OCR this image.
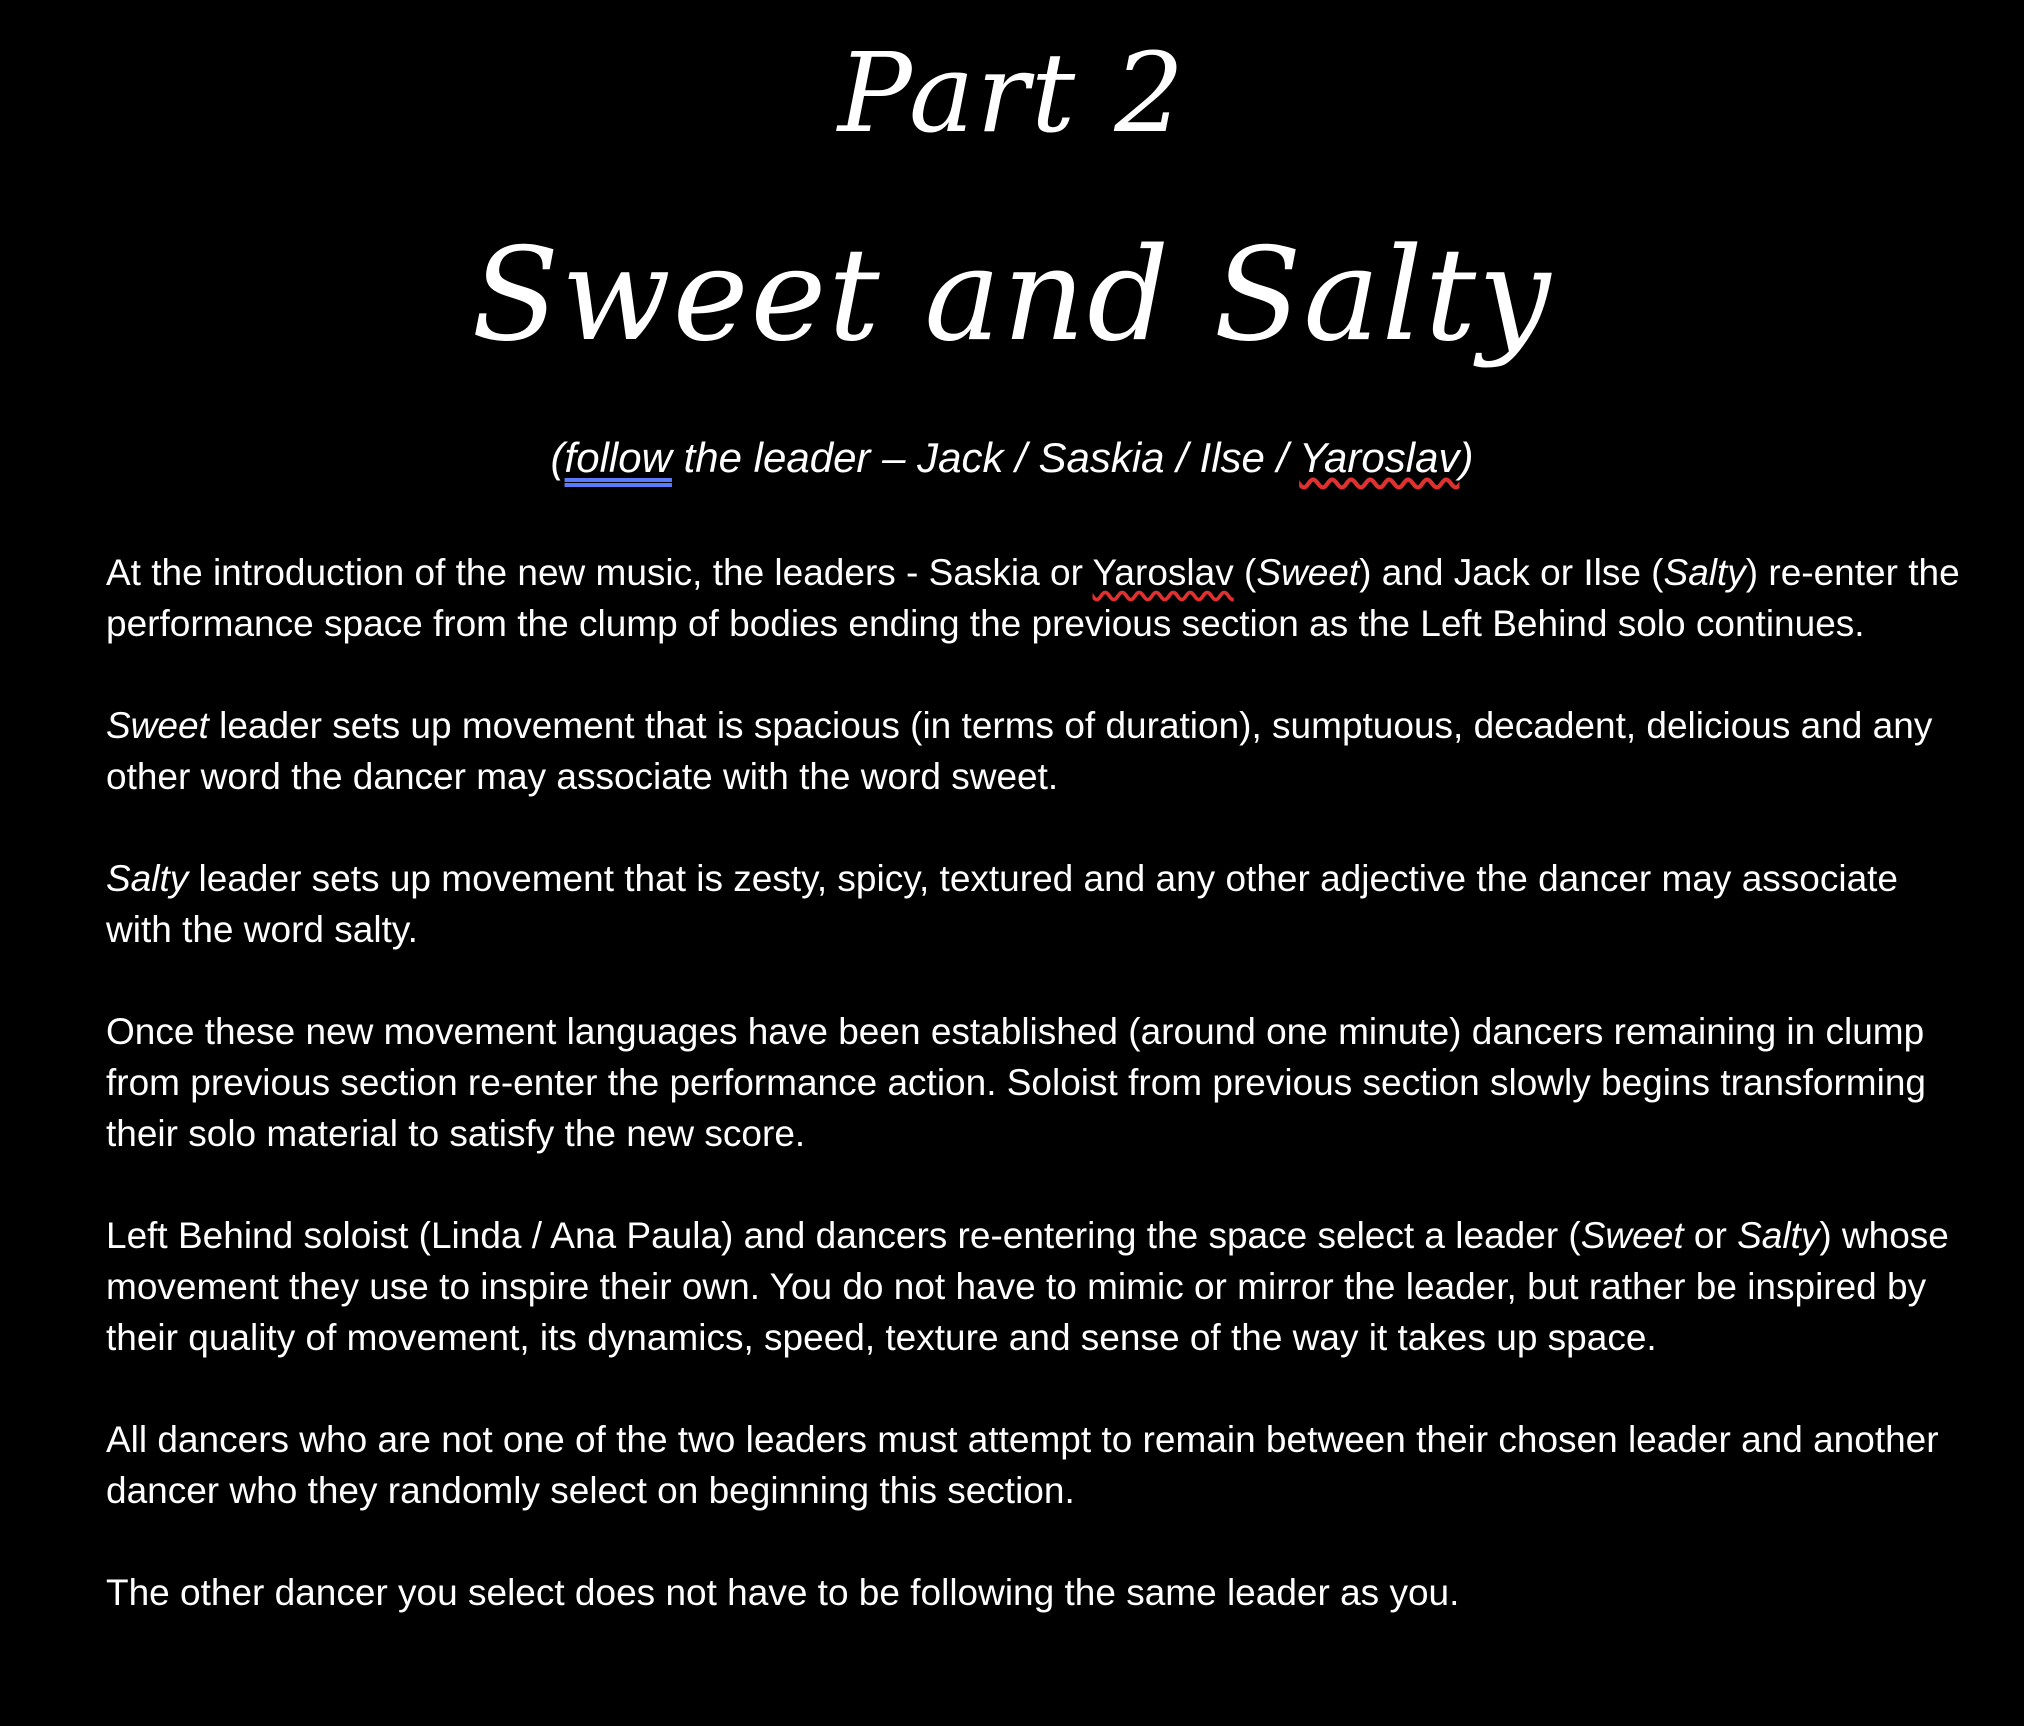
Part 2
Sweet and Salty
(follow the leader – Jack / Saskia / Ilse / Yaroslav)

At the introduction of the new music, the leaders - Saskia or Yaroslav (Sweet) and Jack or Ilse (Salty) re-enter the performance space from the clump of bodies ending the previous section as the Left Behind solo continues.

Sweet leader sets up movement that is spacious (in terms of duration), sumptuous, decadent, delicious and any other word the dancer may associate with the word sweet.

Salty leader sets up movement that is zesty, spicy, textured and any other adjective the dancer may associate with the word salty.

Once these new movement languages have been established (around one minute) dancers remaining in clump from previous section re-enter the performance action. Soloist from previous section slowly begins transforming their solo material to satisfy the new score.

Left Behind soloist (Linda / Ana Paula) and dancers re-entering the space select a leader (Sweet or Salty) whose movement they use to inspire their own. You do not have to mimic or mirror the leader, but rather be inspired by their quality of movement, its dynamics, speed, texture and sense of the way it takes up space.

All dancers who are not one of the two leaders must attempt to remain between their chosen leader and another dancer who they randomly select on beginning this section.

The other dancer you select does not have to be following the same leader as you.
